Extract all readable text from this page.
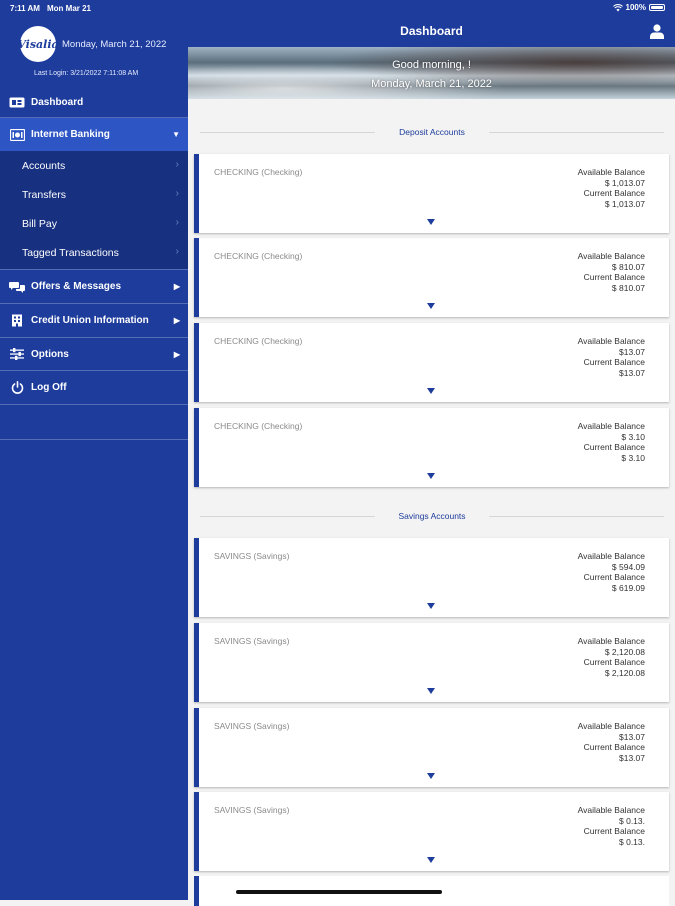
7:11 AM Mon Mar 21	100%
Visalia Monday, March 21, 2022
Last Login: 3/21/2022 7:11:08 AM
Dashboard
Internet Banking	▼
Accounts	›
Transfers	›
Bill Pay	›
Tagged Transactions	›
Offers & Messages	▶
Credit Union Information	▶
Options	▶
Log Off
Dashboard
Good morning, !
Monday, March 21, 2022
Deposit Accounts
CHECKING (Checking)	Available Balance
$ 1,013.07
Current Balance
$ 1,013.07
CHECKING (Checking)	Available Balance
$ 810.07
Current Balance
$ 810.07
CHECKING (Checking)	Available Balance
$13.07
Current Balance
$13.07
CHECKING (Checking)	Available Balance
$ 3.10
Current Balance
$ 3.10
Savings Accounts
SAVINGS (Savings)	Available Balance
$ 594.09
Current Balance
$ 619.09
SAVINGS (Savings)	Available Balance
$ 2,120.08
Current Balance
$ 2,120.08
SAVINGS (Savings)	Available Balance
$13.07
Current Balance
$13.07
SAVINGS (Savings)	Available Balance
$ 0.13.
Current Balance
$ 0.13.
